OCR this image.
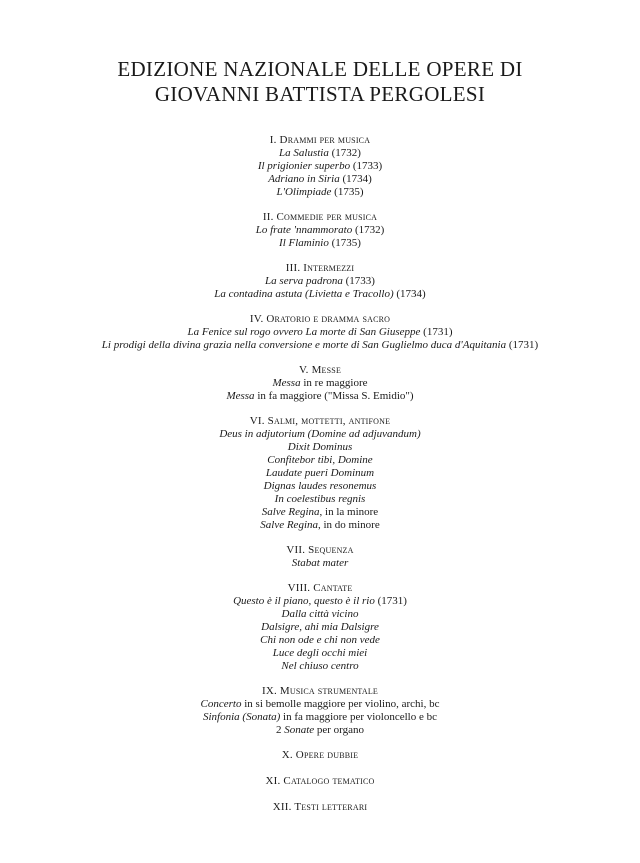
EDIZIONE NAZIONALE DELLE OPERE DI
GIOVANNI BATTISTA PERGOLESI
I. Drammi per musica
La Salustia (1732)
Il prigionier superbo (1733)
Adriano in Siria (1734)
L'Olimpiade (1735)
II. Commedie per musica
Lo frate 'nnammorato (1732)
Il Flaminio (1735)
III. Intermezzi
La serva padrona (1733)
La contadina astuta (Livietta e Tracollo) (1734)
IV. Oratorio e dramma sacro
La Fenice sul rogo ovvero La morte di San Giuseppe (1731)
Li prodigi della divina grazia nella conversione e morte di San Guglielmo duca d'Aquitania (1731)
V. Messe
Messa in re maggiore
Messa in fa maggiore ("Missa S. Emidio")
VI. Salmi, mottetti, antifone
Deus in adjutorium (Domine ad adjuvandum)
Dixit Dominus
Confitebor tibi, Domine
Laudate pueri Dominum
Dignas laudes resonemus
In coelestibus regnis
Salve Regina, in la minore
Salve Regina, in do minore
VII. Sequenza
Stabat mater
VIII. Cantate
Questo è il piano, questo è il rio (1731)
Dalla città vicino
Dalsigre, ahi mia Dalsigre
Chi non ode e chi non vede
Luce degli occhi miei
Nel chiuso centro
IX. Musica strumentale
Concerto in si bemolle maggiore per violino, archi, bc
Sinfonia (Sonata) in fa maggiore per violoncello e bc
2 Sonate per organo
X. Opere dubbie
XI. Catalogo tematico
XII. Testi letterari
